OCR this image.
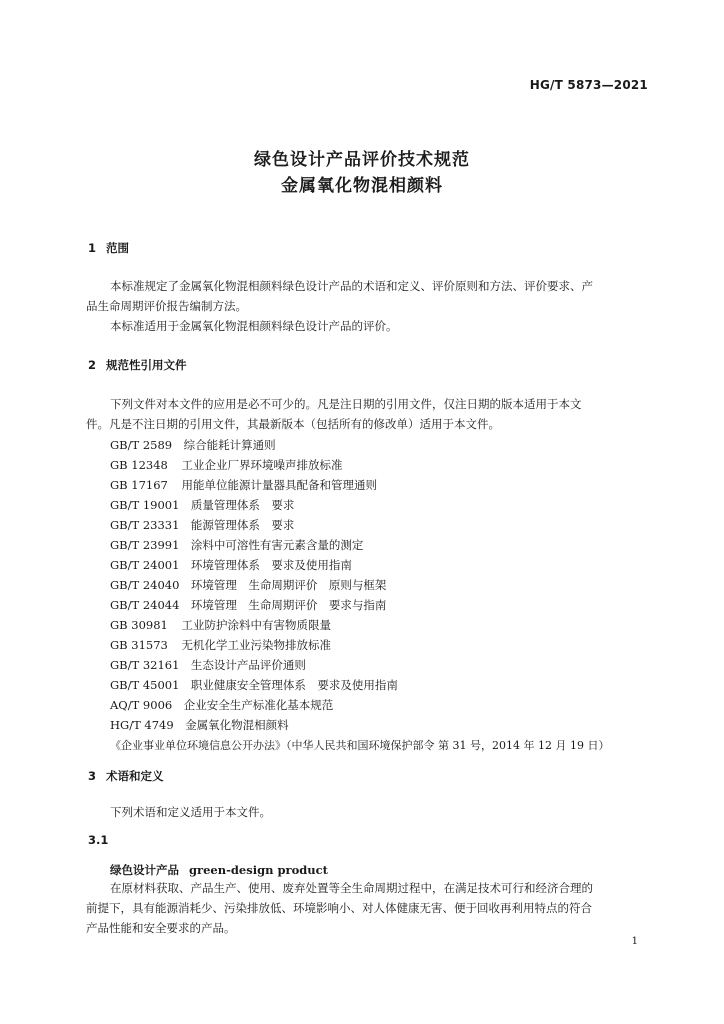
HG/T 5873—2021
绿色设计产品评价技术规范
金属氧化物混相颜料
1 范围
本标准规定了金属氧化物混相颜料绿色设计产品的术语和定义、评价原则和方法、评价要求、产
品生命周期评价报告编制方法。
本标准适用于金属氧化物混相颜料绿色设计产品的评价。
2 规范性引用文件
下列文件对本文件的应用是必不可少的。凡是注日期的引用文件，仅注日期的版本适用于本文
件。凡是不注日期的引用文件，其最新版本（包括所有的修改单）适用于本文件。
GB/T 2589　 综合能耗计算通则
GB 12348　 工业企业厂界环境噪声排放标准
GB 17167　 用能单位能源计量器具配备和管理通则
GB/T 19001　 质量管理体系　要求
GB/T 23331　 能源管理体系　要求
GB/T 23991　 涂料中可溶性有害元素含量的测定
GB/T 24001　 环境管理体系　要求及使用指南
GB/T 24040　 环境管理　生命周期评价　原则与框架
GB/T 24044　 环境管理　生命周期评价　要求与指南
GB 30981　 工业防护涂料中有害物质限量
GB 31573　 无机化学工业污染物排放标准
GB/T 32161　 生态设计产品评价通则
GB/T 45001　 职业健康安全管理体系　要求及使用指南
AQ/T 9006　 企业安全生产标准化基本规范
HG/T 4749　 金属氧化物混相颜料
《企业事业单位环境信息公开办法》（中华人民共和国环境保护部令 第 31 号，2014 年 12 月 19 日）
3 术语和定义
下列术语和定义适用于本文件。
3.1
绿色设计产品 green-design product
在原材料获取、产品生产、使用、废弃处置等全生命周期过程中，在满足技术可行和经济合理的
前提下，具有能源消耗少、污染排放低、环境影响小、对人体健康无害、便于回收再利用特点的符合
产品性能和安全要求的产品。
1
